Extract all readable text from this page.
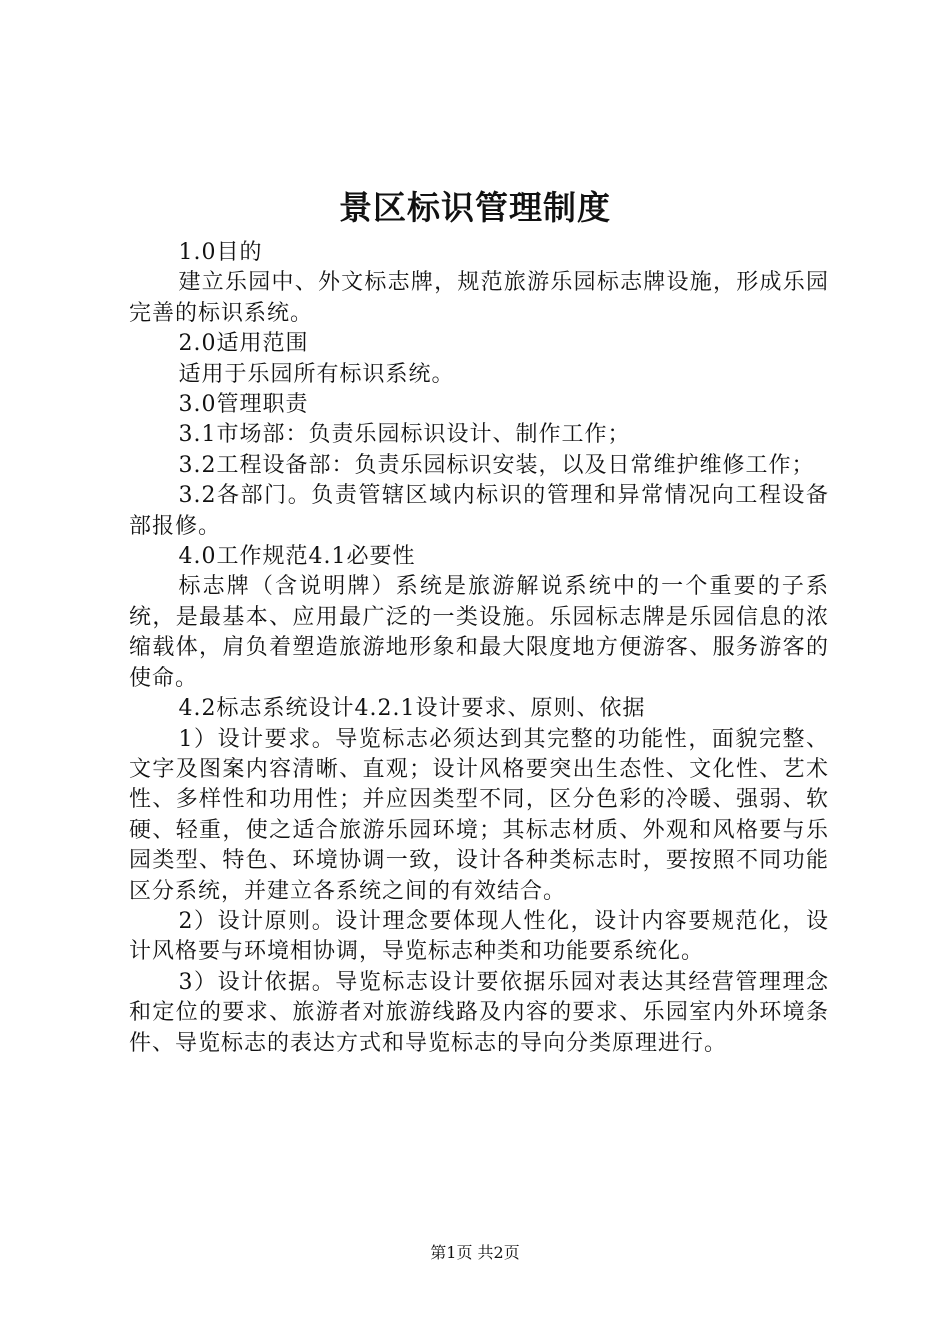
景区标识管理制度

1.0目的

建立乐园中、外文标志牌，规范旅游乐园标志牌设施，形成乐园完善的标识系统。

2.0适用范围

适用于乐园所有标识系统。

3.0管理职责

3.1市场部：负责乐园标识设计、制作工作；

3.2工程设备部：负责乐园标识安装，以及日常维护维修工作；

3.2各部门。负责管辖区域内标识的管理和异常情况向工程设备部报修。

4.0工作规范4.1必要性

标志牌（含说明牌）系统是旅游解说系统中的一个重要的子系统，是最基本、应用最广泛的一类设施。乐园标志牌是乐园信息的浓缩载体，肩负着塑造旅游地形象和最大限度地方便游客、服务游客的使命。

4.2标志系统设计4.2.1设计要求、原则、依据

1）设计要求。导览标志必须达到其完整的功能性，面貌完整、文字及图案内容清晰、直观；设计风格要突出生态性、文化性、艺术性、多样性和功用性；并应因类型不同，区分色彩的冷暖、强弱、软硬、轻重，使之适合旅游乐园环境；其标志材质、外观和风格要与乐园类型、特色、环境协调一致，设计各种类标志时，要按照不同功能区分系统，并建立各系统之间的有效结合。

2）设计原则。设计理念要体现人性化，设计内容要规范化，设计风格要与环境相协调，导览标志种类和功能要系统化。

3）设计依据。导览标志设计要依据乐园对表达其经营管理理念和定位的要求、旅游者对旅游线路及内容的要求、乐园室内外环境条件、导览标志的表达方式和导览标志的导向分类原理进行。

第1页 共2页
